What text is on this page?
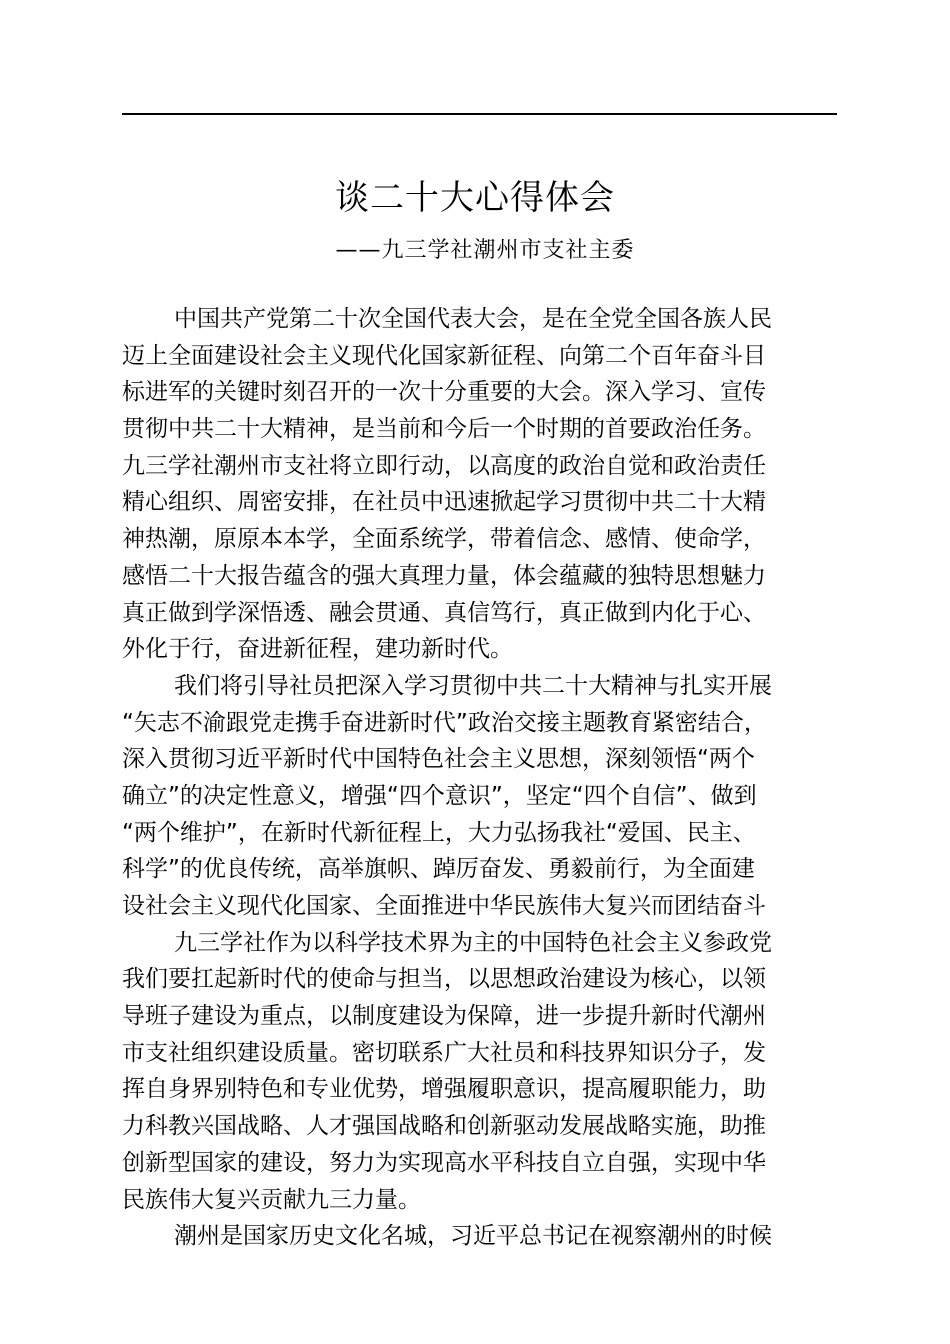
谈二十大心得体会
——九三学社潮州市支社主委
中国共产党第二十次全国代表大会，是在全党全国各族人民
迈上全面建设社会主义现代化国家新征程、向第二个百年奋斗目
标进军的关键时刻召开的一次十分重要的大会。深入学习、宣传
贯彻中共二十大精神，是当前和今后一个时期的首要政治任务。
九三学社潮州市支社将立即行动，以高度的政治自觉和政治责任
精心组织、周密安排，在社员中迅速掀起学习贯彻中共二十大精
神热潮，原原本本学，全面系统学，带着信念、感情、使命学，
感悟二十大报告蕴含的强大真理力量，体会蕴藏的独特思想魅力
真正做到学深悟透、融会贯通、真信笃行，真正做到内化于心、
外化于行，奋进新征程，建功新时代。
我们将引导社员把深入学习贯彻中共二十大精神与扎实开展
“矢志不渝跟党走携手奋进新时代”政治交接主题教育紧密结合，
深入贯彻习近平新时代中国特色社会主义思想，深刻领悟“两个
确立”的决定性意义，增强“四个意识”，坚定“四个自信”、做到
“两个维护”，在新时代新征程上，大力弘扬我社“爱国、民主、
科学”的优良传统，高举旗帜、踔厉奋发、勇毅前行，为全面建
设社会主义现代化国家、全面推进中华民族伟大复兴而团结奋斗
九三学社作为以科学技术界为主的中国特色社会主义参政党
我们要扛起新时代的使命与担当，以思想政治建设为核心，以领
导班子建设为重点，以制度建设为保障，进一步提升新时代潮州
市支社组织建设质量。密切联系广大社员和科技界知识分子，发
挥自身界别特色和专业优势，增强履职意识，提高履职能力，助
力科教兴国战略、人才强国战略和创新驱动发展战略实施，助推
创新型国家的建设，努力为实现高水平科技自立自强，实现中华
民族伟大复兴贡献九三力量。
潮州是国家历史文化名城，习近平总书记在视察潮州的时候
